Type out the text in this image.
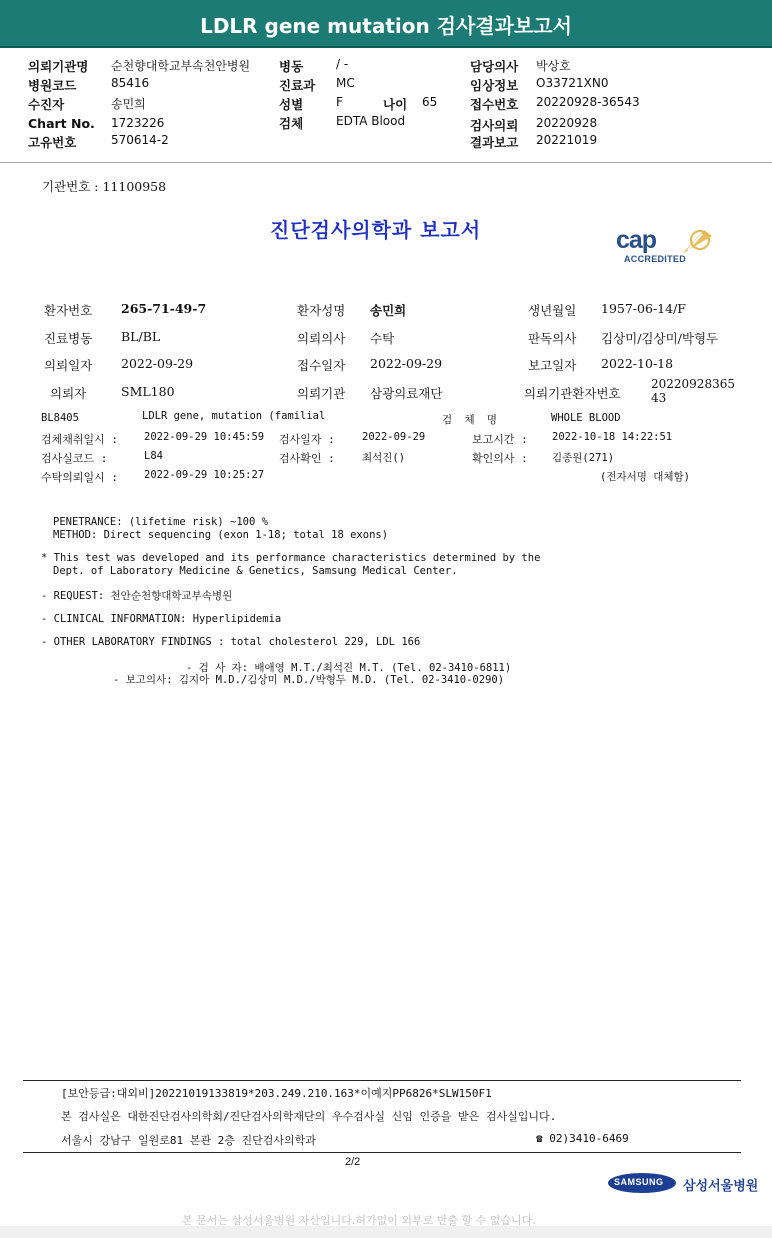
LDLR gene mutation 검사결과보고서
의뢰기관명 순천향대학교부속천안병원
병원코드	85416
수진자	송민희
Chart No. 1723226
고유번호	570614-2
병동	/ -
진료과 MC
성별	F	나이 65
검체	EDTA Blood
담당의사 박상호
임상정보 O33721XN0
접수번호 20220928-36543
검사의뢰 20220928
결과보고 20221019
기관번호 : 11100958
진단검사의학과 보고서	cap
ACCREDITED
환자번호 265-71-49-7	환자성명 송민희	생년월일 1957-06-14/F
진료병동 BL/BL	의뢰의사 수탁	판독의사 김상미/김상미/박형두
의뢰일자 2022-09-29	접수일자 2022-09-29	보고일자 2022-10-18
의뢰자	SML180	의뢰기관 삼광의료재단	의뢰기관환자번호
2022092836543
BL8405	LDLR gene, mutation (familial	검 체 명	WHOLE BLOOD
검체채취일시 : 2022-09-29 10:45:59 검사일자 :	2022-09-29	보고시간 : 2022-10-18 14:22:51
검사실코드 :	L84	검사확인 :	최석진()	확인의사 : 김종원(271)
수탁의뢰일시 : 2022-09-29 10:25:27	(전자서명 대체함)
PENETRANCE: (lifetime risk) ~100 %
METHOD: Direct sequencing (exon 1-18; total 18 exons)
* This test was developed and its performance characteristics determined by the
Dept. of Laboratory Medicine & Genetics, Samsung Medical Center.
- REQUEST: 천안순천향대학교부속병원
- CLINICAL INFORMATION: Hyperlipidemia
- OTHER LABORATORY FINDINGS : total cholesterol 229, LDL 166
- 검 사 자: 배애영 M.T./최석진 M.T. (Tel. 02-3410-6811)
- 보고의사: 김지아 M.D./김상미 M.D./박형두 M.D. (Tel. 02-3410-0290)
[보안등급:대외비]20221019133819*203.249.210.163*이예지PP6826*SLW150F1
본 검사실은 대한진단검사의학회/진단검사의학재단의 우수검사실 신임 인증을 받은 검사실입니다.
서울시 강남구 일원로81 본관 2층 진단검사의학과	☎ 02)3410-6469
2/2
SAMSUNG 삼성서울병원
본 문서는 삼성서울병원 자산입니다.허가없이 외부로 반출 할 수 없습니다.
